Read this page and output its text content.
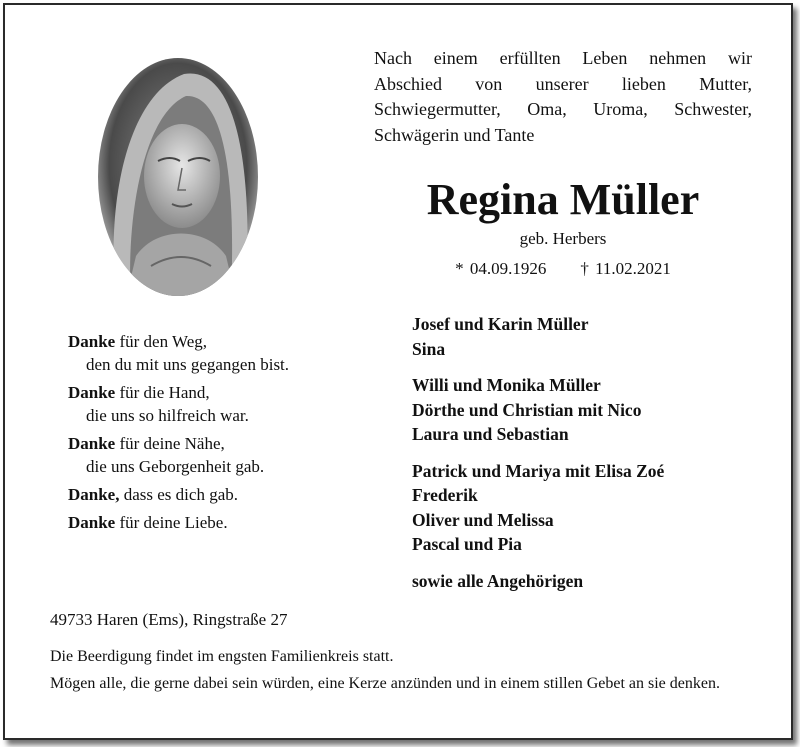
Nach einem erfüllten Leben nehmen wir
Abschied von unserer lieben Mutter,
Schwiegermutter, Oma, Uroma, Schwester,
Schwägerin und Tante
Regina Müller
geb. Herbers
* 04.09.1926 † 11.02.2021
Danke für den Weg,
den du mit uns gegangen bist.
Danke für die Hand,
die uns so hilfreich war.
Danke für deine Nähe,
die uns Geborgenheit gab.
Danke, dass es dich gab.
Danke für deine Liebe.
Josef und Karin Müller
Sina
Willi und Monika Müller
Dörthe und Christian mit Nico
Laura und Sebastian
Patrick und Mariya mit Elisa Zoé
Frederik
Oliver und Melissa
Pascal und Pia
sowie alle Angehörigen
49733 Haren (Ems), Ringstraße 27

Die Beerdigung findet im engsten Familienkreis statt.

Mögen alle, die gerne dabei sein würden, eine Kerze anzünden und in einem stillen Gebet an sie denken.
